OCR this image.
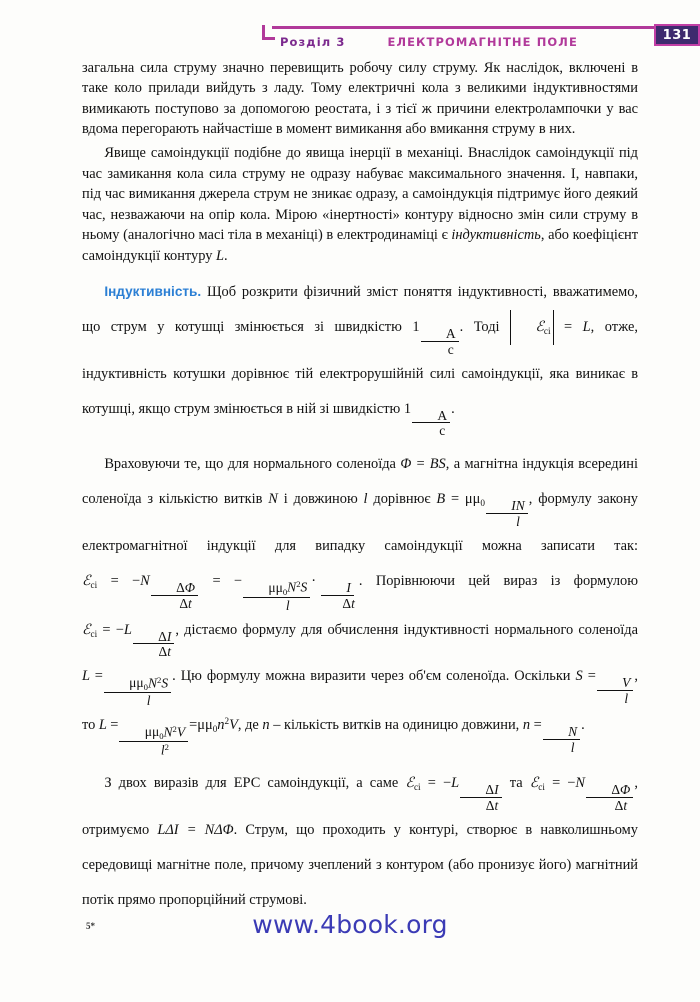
Розділ 3	ЕЛЕКТРОМАГНІТНЕ ПОЛЕ	131

загальна сила струму значно перевищить робочу силу струму. Як наслідок, включені в таке коло прилади вийдуть з ладу. Тому електричні кола з великими індуктивностями вимикають поступово за допомогою реостата, і з тієї ж причини електролампочки у вас вдома перегорають найчастіше в момент вимикання або вмикання струму в них.

Явище самоіндукції подібне до явища інерції в механіці. Внаслідок самоіндукції під час замикання кола сила струму не одразу набуває максимального значення. І, навпаки, під час вимикання джерела струм не зникає одразу, а самоіндукція підтримує його деякий час, незважаючи на опір кола. Мірою «інертності» контуру відносно змін сили струму в ньому (аналогічно масі тіла в механіці) в електродинаміці є індуктивність, або коефіцієнт самоіндукції контуру L.

Індуктивність. Щоб розкрити фізичний зміст поняття індуктивності, вважатимемо, що струм у котушці змінюється зі швидкістю 1
$\frac{А}{с}$
. Тоді	ℰ$_{сі}$ = L, отже, індуктивність котушки дорівнює тій електрорушійній силі самоіндукції, яка виникає в котушці, якщо струм змінюється в ній зі швидкістю 1
$\frac{А}{с}$
.

Враховуючи те, що для нормального соленоїда Φ = BS, а магнітна індукція всередині соленоїда з кількістю витків N і довжиною l дорівнює $B = \mu\mu_0 \frac{IN}{l}$
, формулу закону електромагнітної індукції для випадку самоіндукції можна записати так: ℰ$_{сі}$ = −N
$\frac{\Delta\Phi}{\Delta t}$
= − $\frac{\mu\mu_0N^2S}{l}$ ·
$\frac{I}{\Delta t}$
. Порівнюючи цей вираз із формулою ℰ$_{сі}$ = −L
$\frac{\Delta I}{\Delta t}$
, дістаємо формулу для обчислення індуктивності нормального соленоїда $L = \frac{\mu\mu_0N^2S}{l}$ . Цю формулу можна виразити через об'єм соленоїда. Оскільки S =
$\frac{V}{l}$
, то $L = \frac{\mu\mu_0N^2V}{l^2} =\mu\mu_0n^2V$, де n – кількість витків на одиницю довжини, n =
$\frac{N}{l}$
.

З двох виразів для ЕРС самоіндукції, а саме ℰ$_{сі}$ = −L
$\frac{\Delta I}{\Delta t}$
та ℰ$_{сі}$ = −N
$\frac{\Delta\Phi}{\Delta t}$
, отримуємо LΔI = NΔΦ. Струм, що проходить у контурі, створює в навколишньому середовищі магнітне поле, причому зчеплений з контуром (або пронизує його) магнітний потік прямо пропорційний струмові.

5*	www.4book.org
